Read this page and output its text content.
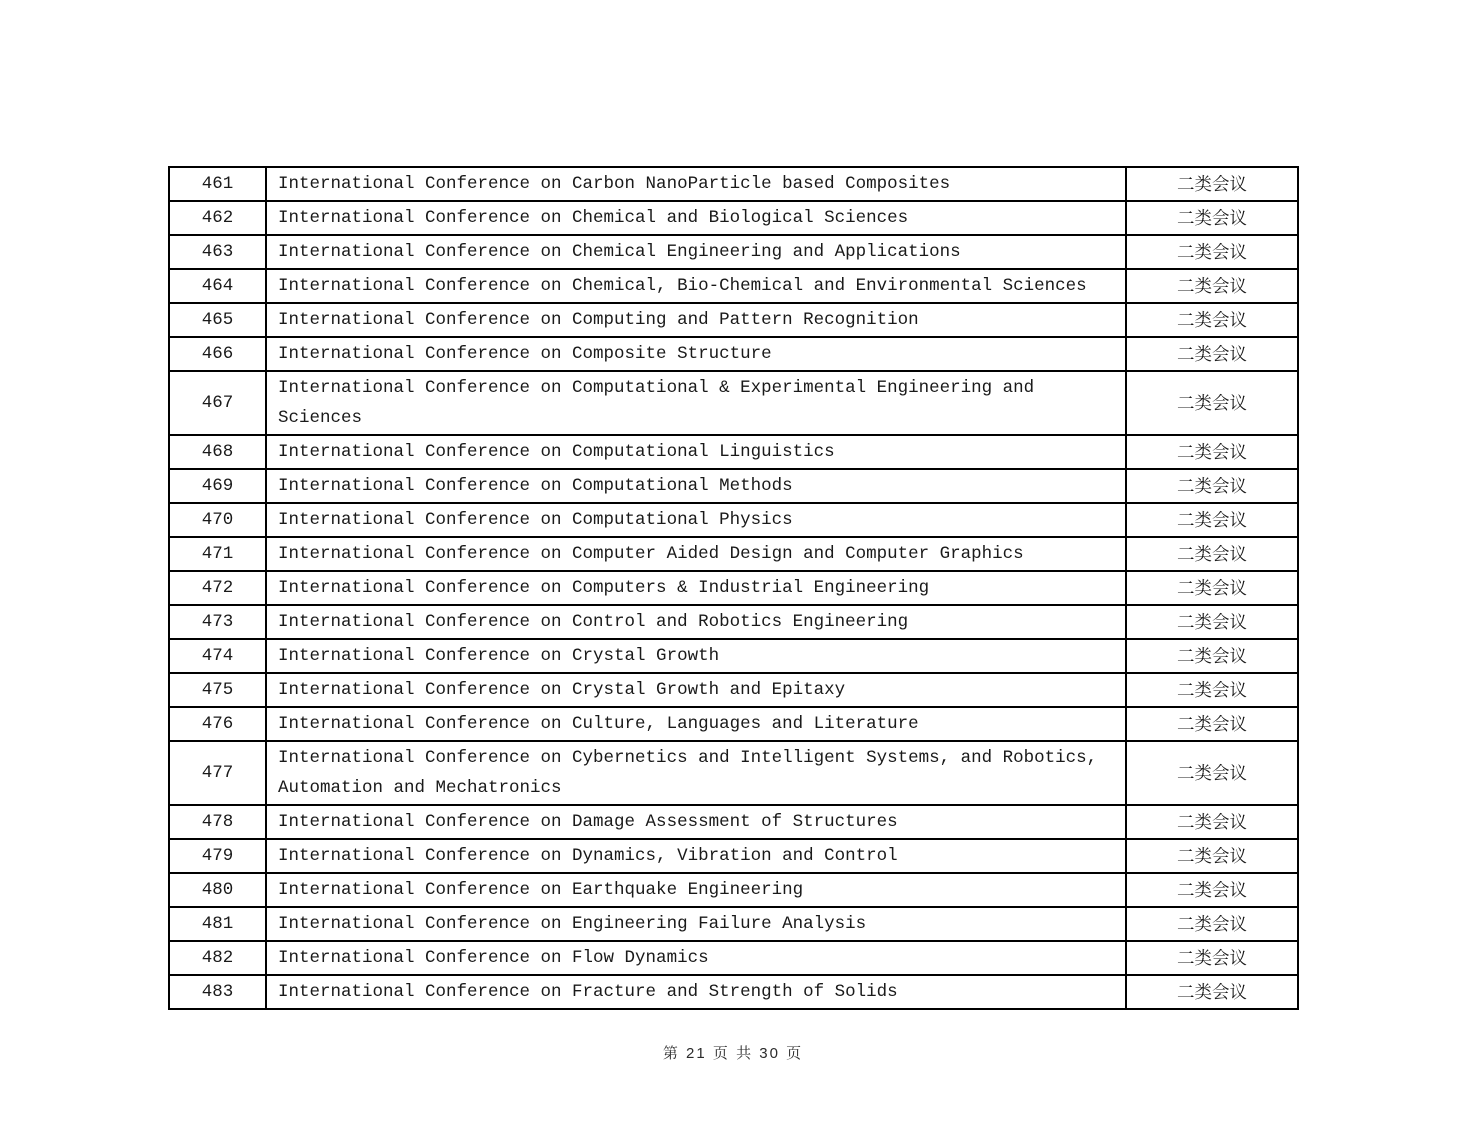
461	International Conference on Carbon NanoParticle based Composites	二类会议
462	International Conference on Chemical and Biological Sciences	二类会议
463	International Conference on Chemical Engineering and Applications	二类会议
464	International Conference on Chemical, Bio-Chemical and Environmental Sciences	二类会议
465	International Conference on Computing and Pattern Recognition	二类会议
466	International Conference on Composite Structure	二类会议
467	International Conference on Computational & Experimental Engineering and Sciences	二类会议
468	International Conference on Computational Linguistics	二类会议
469	International Conference on Computational Methods	二类会议
470	International Conference on Computational Physics	二类会议
471	International Conference on Computer Aided Design and Computer Graphics	二类会议
472	International Conference on Computers & Industrial Engineering	二类会议
473	International Conference on Control and Robotics Engineering	二类会议
474	International Conference on Crystal Growth	二类会议
475	International Conference on Crystal Growth and Epitaxy	二类会议
476	International Conference on Culture, Languages and Literature	二类会议
477	International Conference on Cybernetics and Intelligent Systems, and Robotics, Automation and Mechatronics	二类会议
478	International Conference on Damage Assessment of Structures	二类会议
479	International Conference on Dynamics, Vibration and Control	二类会议
480	International Conference on Earthquake Engineering	二类会议
481	International Conference on Engineering Failure Analysis	二类会议
482	International Conference on Flow Dynamics	二类会议
483	International Conference on Fracture and Strength of Solids	二类会议
第 21 页 共 30 页
